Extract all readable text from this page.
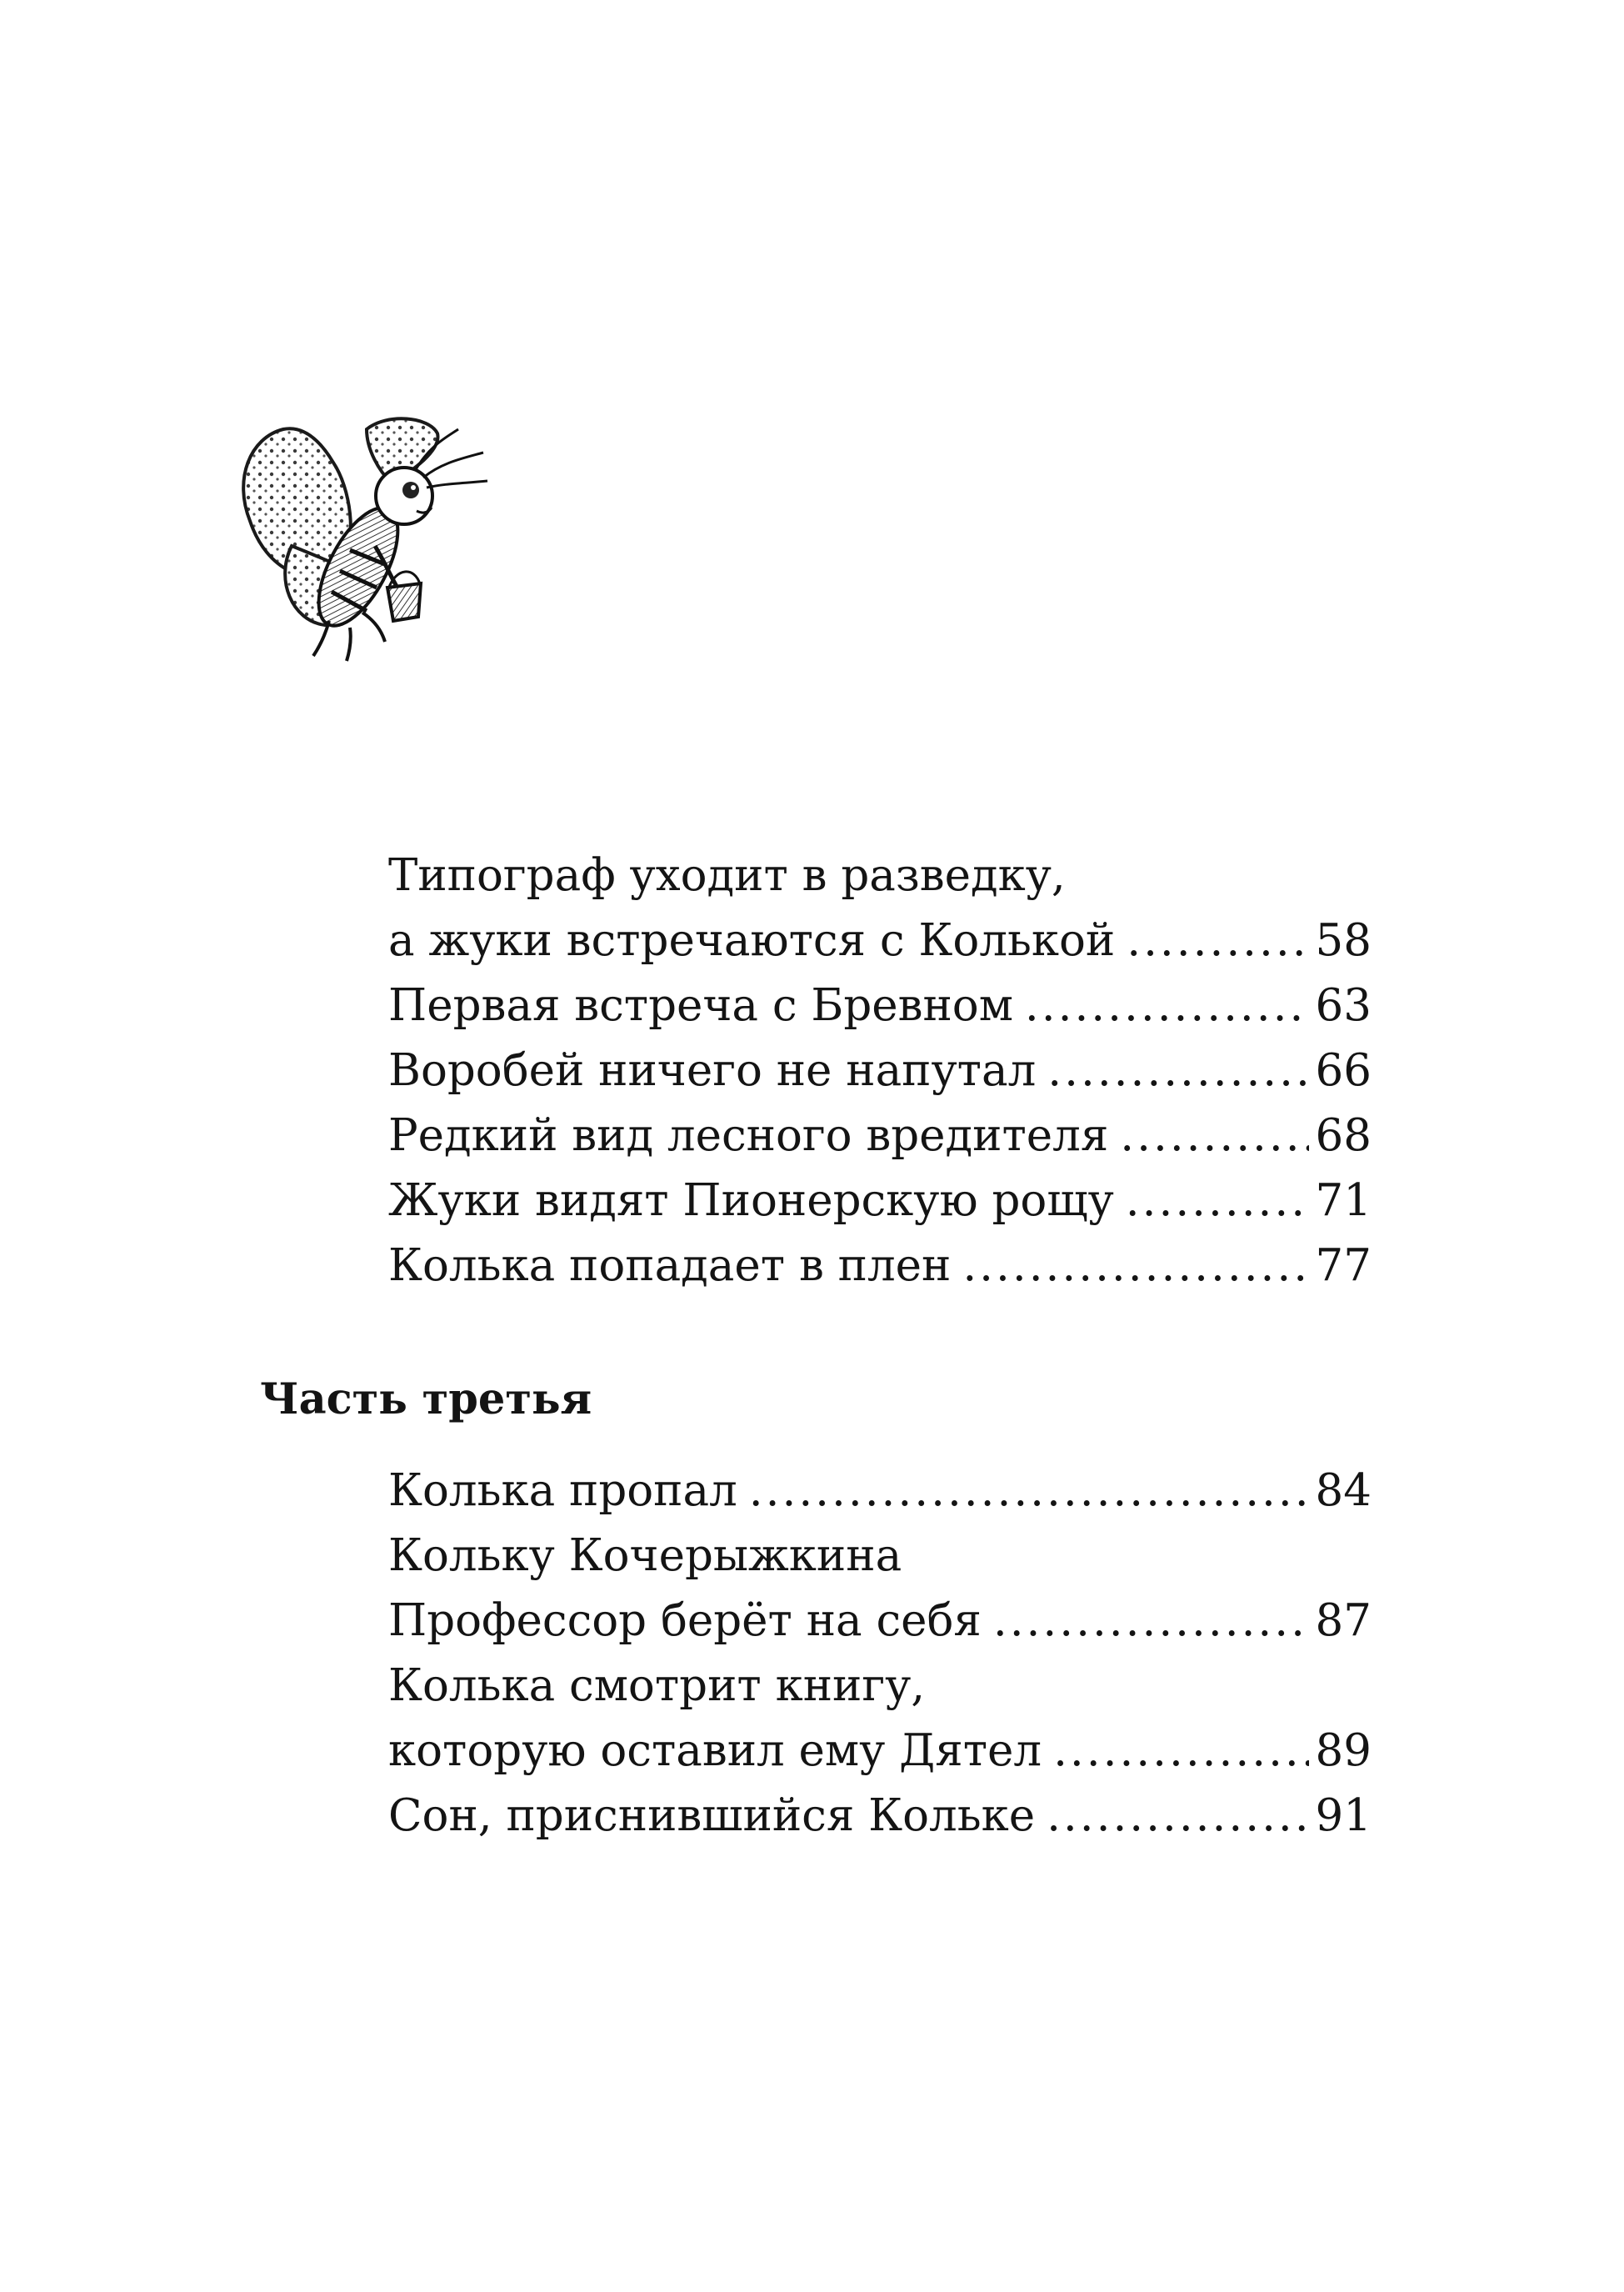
Типограф уходит в разведку,
а жуки встречаются с Колькой .....	58
Первая встреча с Бревном .....	63
Воробей ничего не напутал .....	66
Редкий вид лесного вредителя .....	68
Жуки видят Пионерскую рощу .....	71
Колька попадает в плен .....	77
Часть третья
Колька пропал .....	84
Кольку Кочерыжкина
Профессор берёт на себя .....	87
Колька смотрит книгу,
которую оставил ему Дятел .....	89
Сон, приснившийся Кольке .....	91
